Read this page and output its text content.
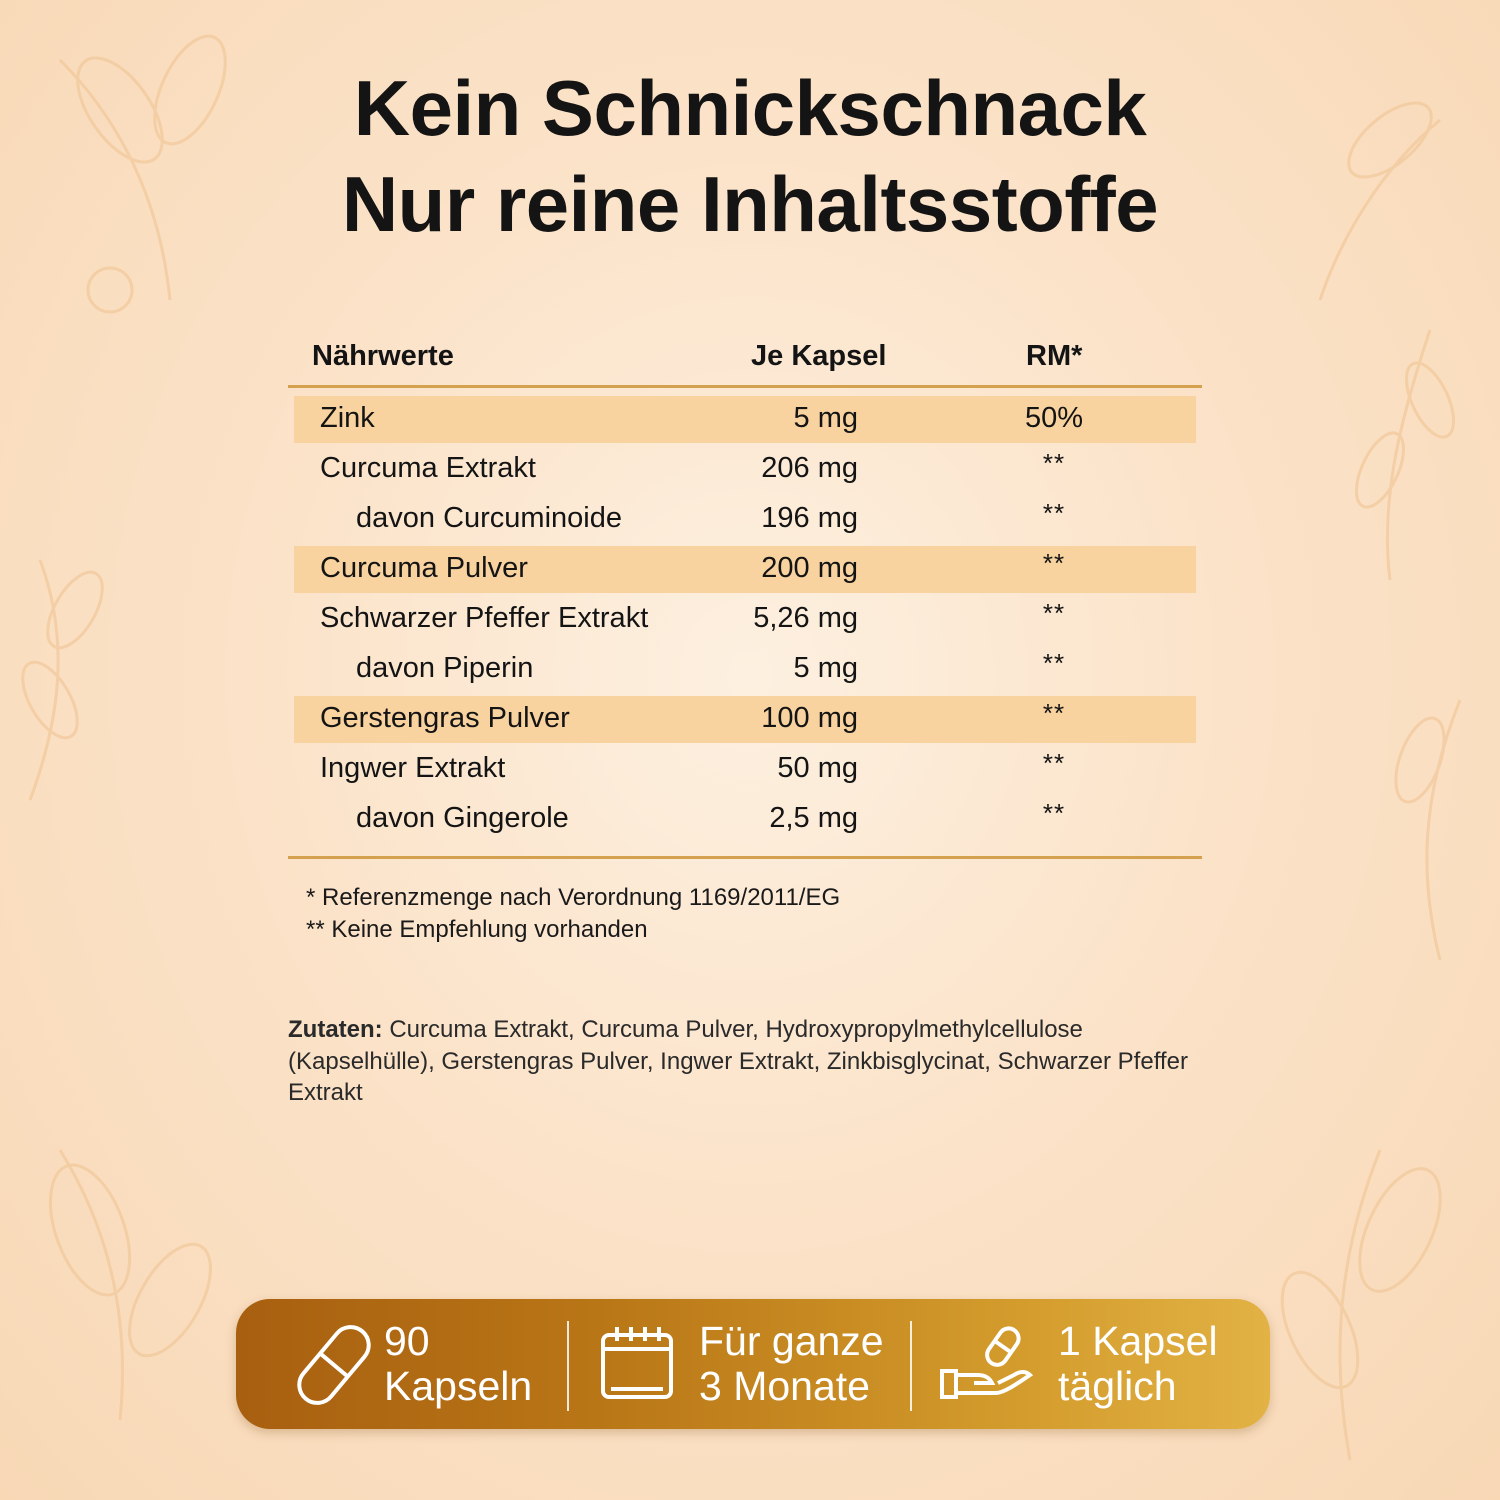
Kein Schnickschnack
Nur reine Inhaltsstoffe
Nährwerte	Je Kapsel	RM*
Zink	5 mg	50%
Curcuma Extrakt	206 mg	**
davon Curcuminoide	196 mg	**
Curcuma Pulver	200 mg	**
Schwarzer Pfeffer Extrakt	5,26 mg	**
davon Piperin	5 mg	**
Gerstengras Pulver	100 mg	**
Ingwer Extrakt	50 mg	**
davon Gingerole	2,5 mg	**
* Referenzmenge nach Verordnung 1169/2011/EG
** Keine Empfehlung vorhanden
Zutaten: Curcuma Extrakt, Curcuma Pulver, Hydroxypropylmethylcellulose (Kapselhülle), Gerstengras Pulver, Ingwer Extrakt, Zinkbisglycinat, Schwarzer Pfeffer Extrakt
90
Kapseln
Für ganze
3 Monate
1 Kapsel
täglich
